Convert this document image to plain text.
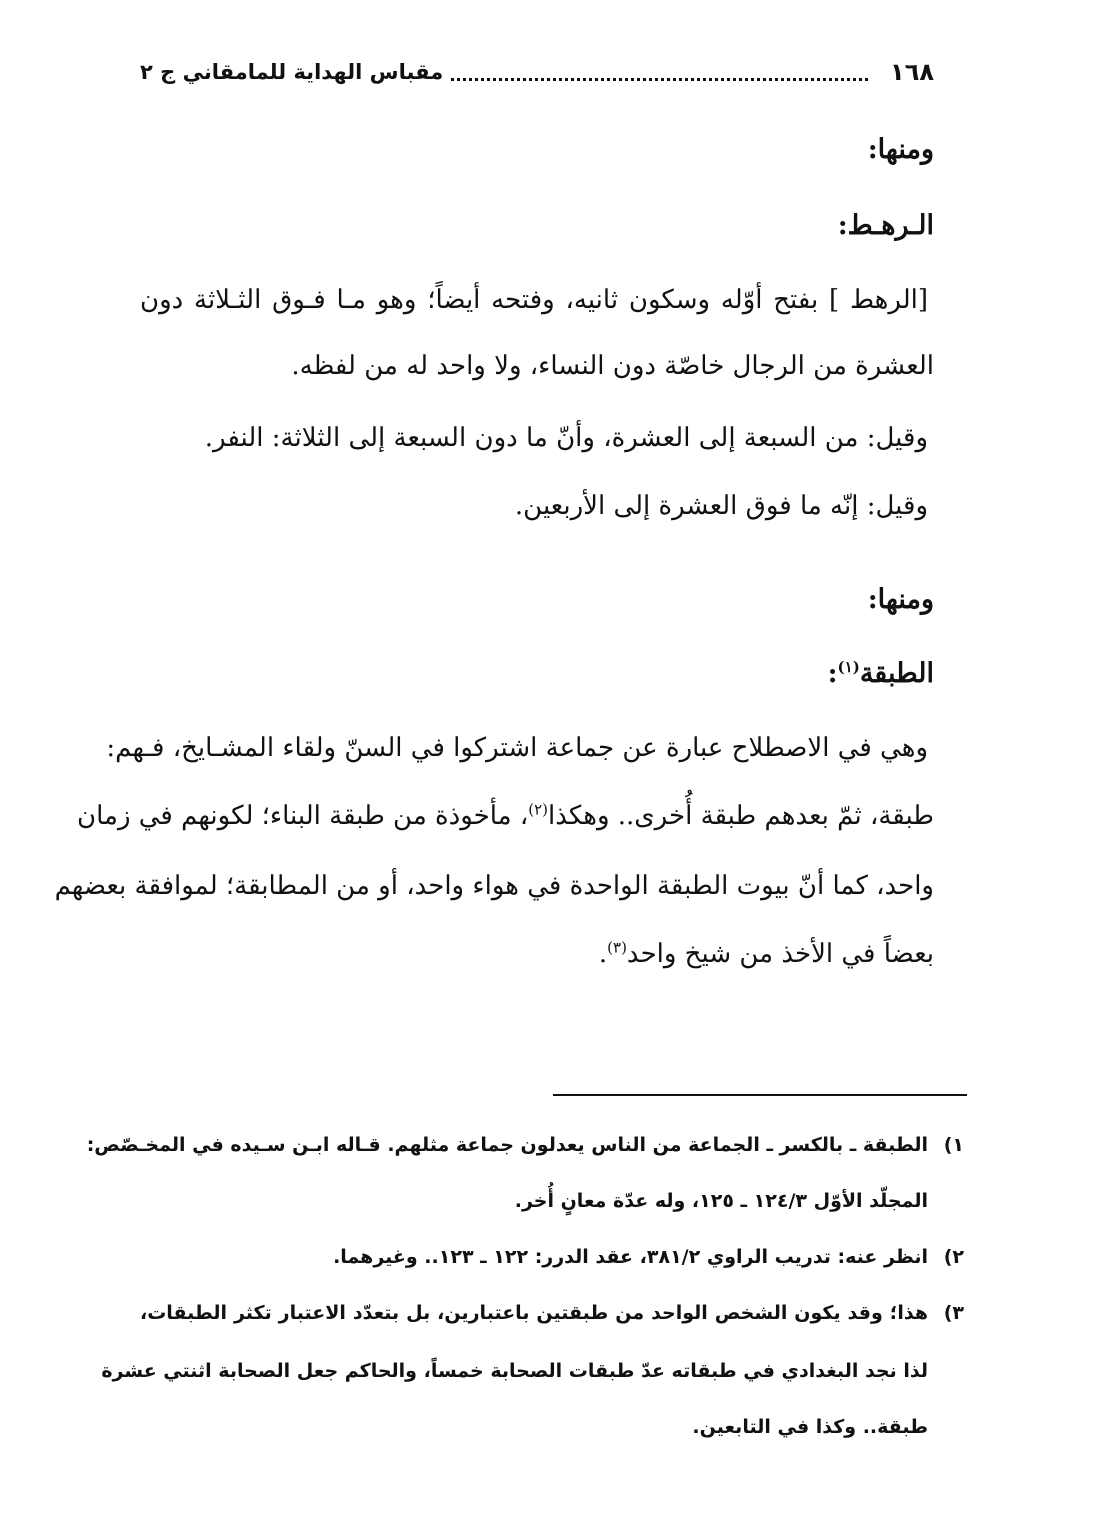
١٦٨
مقباس الهداية للمامقاني ج ٢
ومنها:
الـرهـط:
[الرهط ] بفتح أوّله وسكون ثانيه، وفتحه أيضاً؛ وهو مـا فـوق الثـلاثة دون
العشرة من الرجال خاصّة دون النساء، ولا واحد له من لفظه.
وقيل: من السبعة إلى العشرة، وأنّ ما دون السبعة إلى الثلاثة: النفر.
وقيل: إنّه ما فوق العشرة إلى الأربعين.
ومنها:
الطبقة$^{(١)}$:
وهي في الاصطلاح عبارة عن جماعة اشتركوا في السنّ ولقاء المشـايخ، فـهم:
طبقة، ثمّ بعدهم طبقة أُخرى.. وهكذا$^{(٢)}$، مأخوذة من طبقة البناء؛ لكونهم في زمان
واحد، كما أنّ بيوت الطبقة الواحدة في هواء واحد، أو من المطابقة؛ لموافقة بعضهم
بعضاً في الأخذ من شيخ واحد$^{(٣)}$.
١)
الطبقة ـ بالكسر ـ الجماعة من الناس يعدلون جماعة مثلهم. قـاله ابـن سـيده في المخـصّص:
المجلّد الأوّل ١٢٤/٣ ـ ١٢٥، وله عدّة معانٍ أُخر.
٢)
انظر عنه: تدريب الراوي ٣٨١/٢، عقد الدرر: ١٢٢ ـ ١٢٣.. وغيرهما.
٣)
هذا؛ وقد يكون الشخص الواحد من طبقتين باعتبارين، بل بتعدّد الاعتبار تكثر الطبقات،
لذا نجد البغدادي في طبقاته عدّ طبقات الصحابة خمساً، والحاكم جعل الصحابة اثنتي عشرة
طبقة.. وكذا في التابعين.
